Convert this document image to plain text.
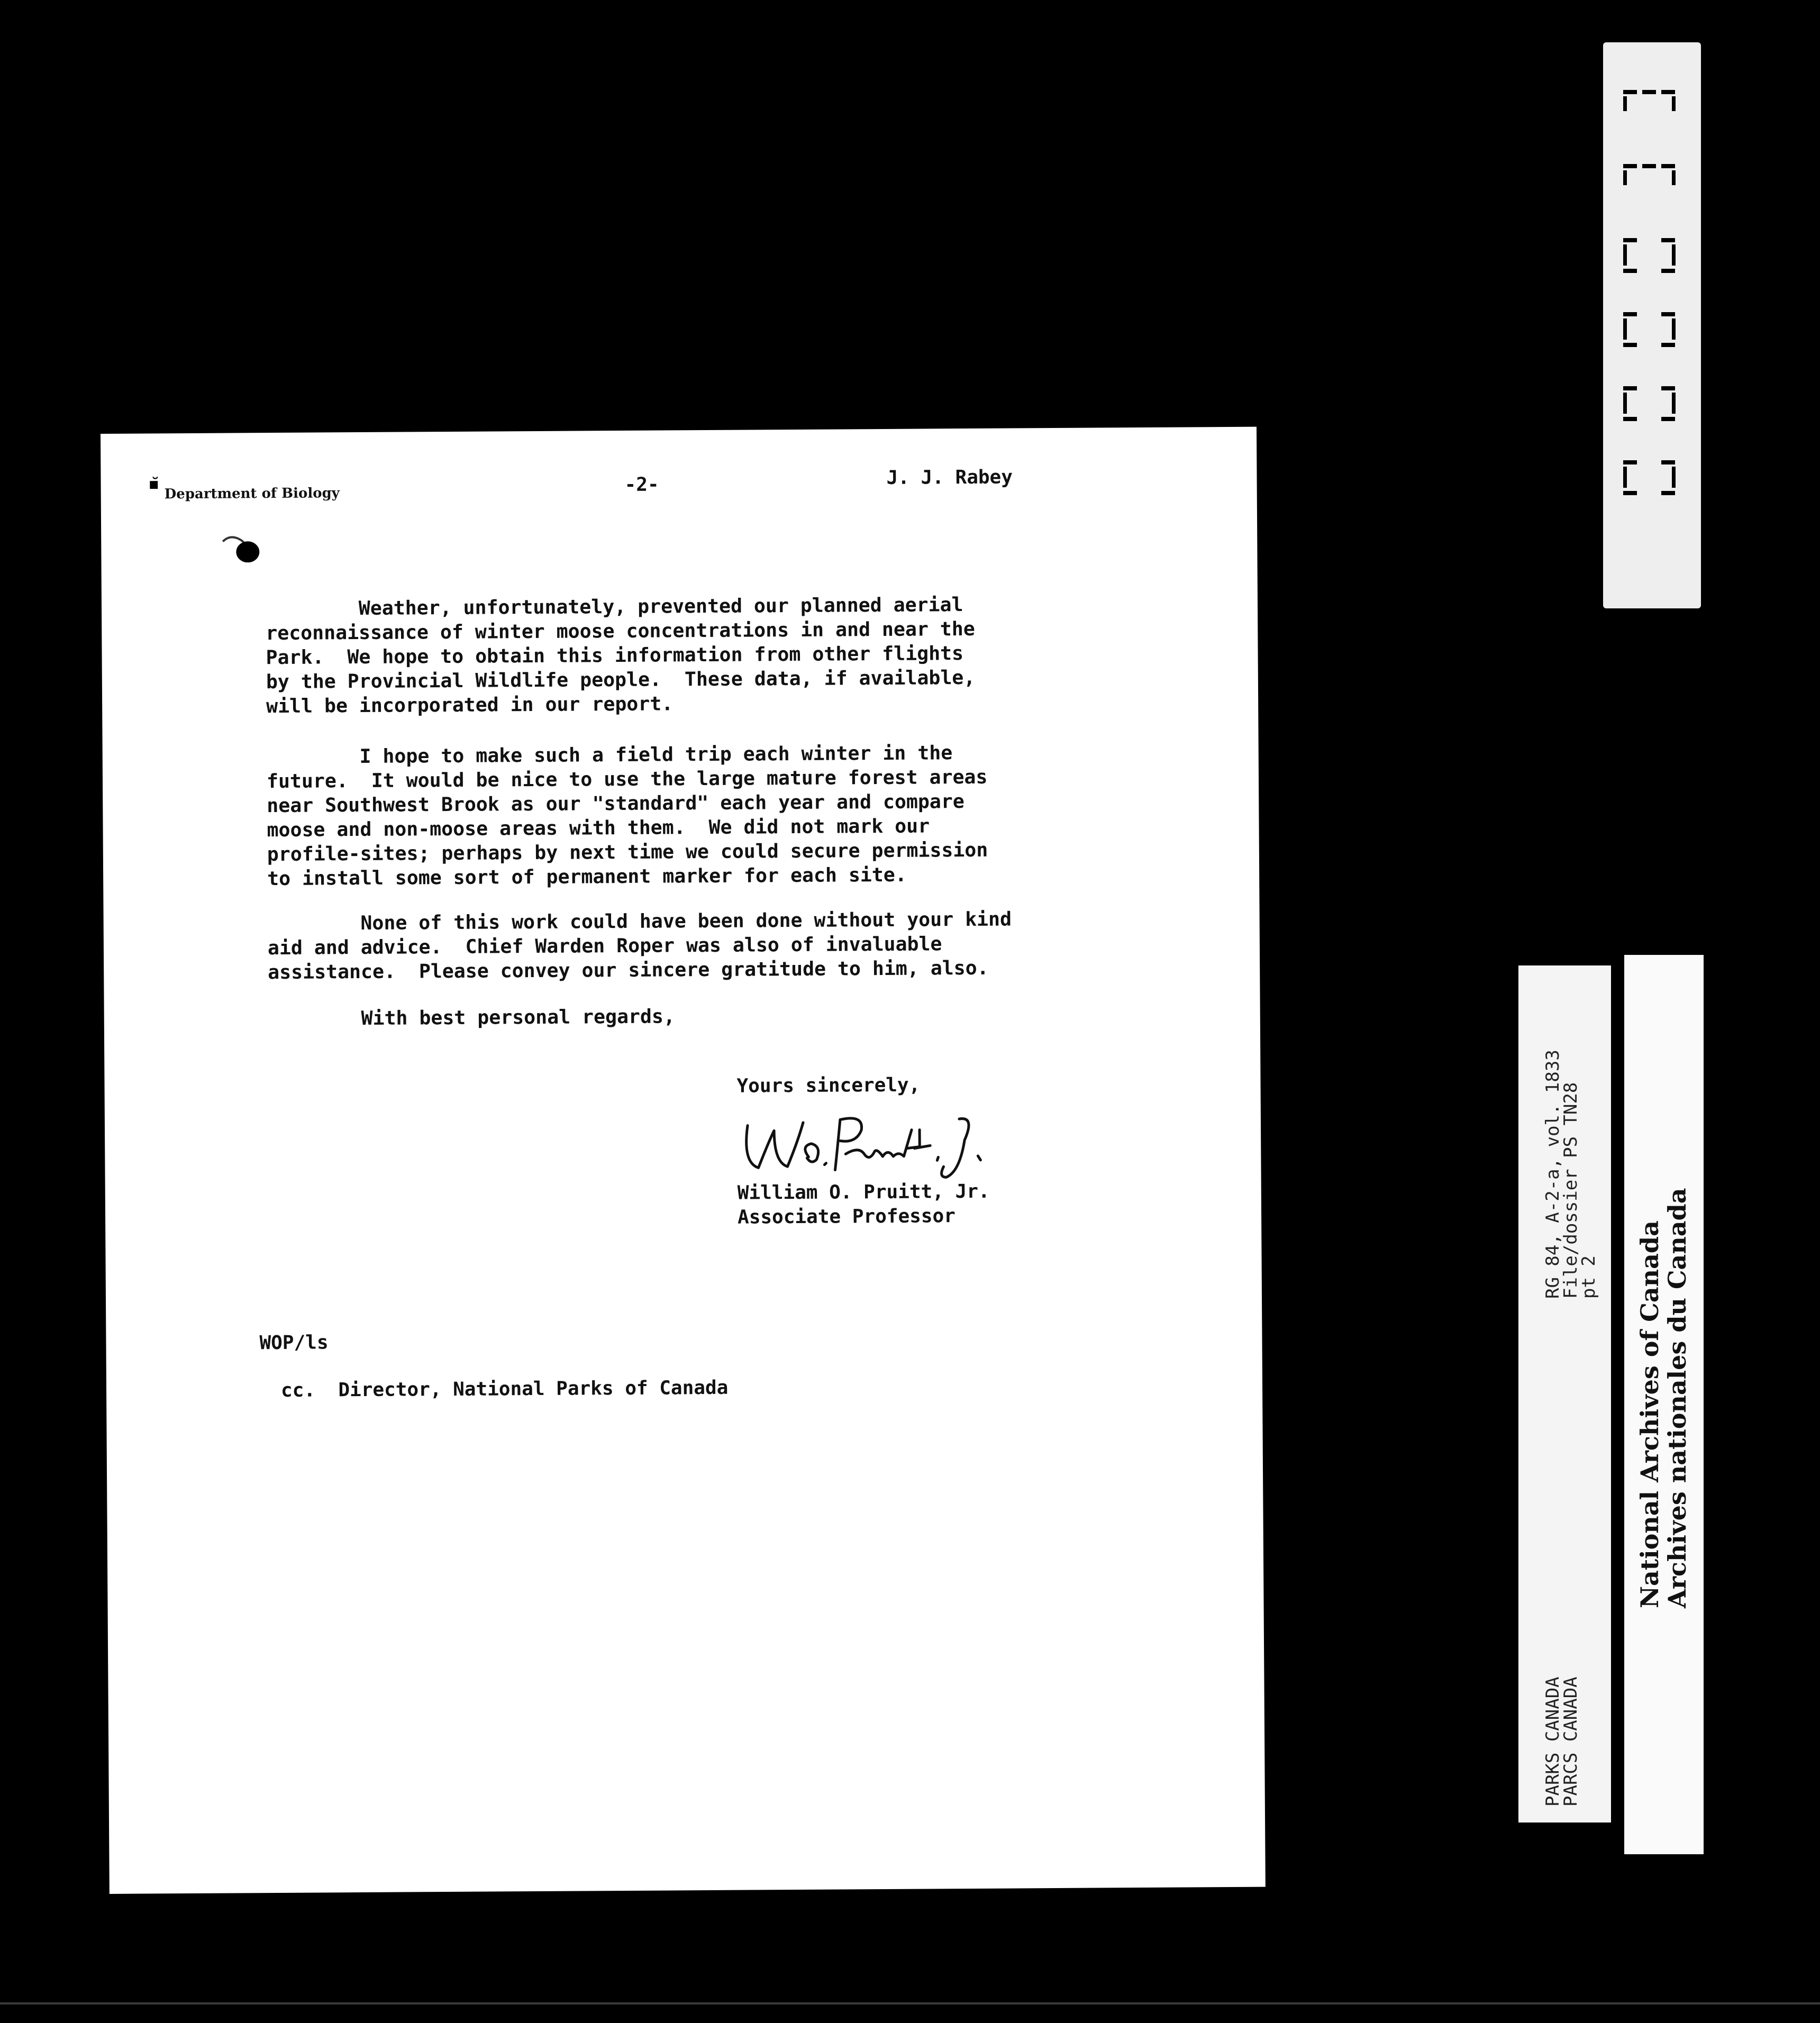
▪̆
Department of Biology	-2-	J. J. Rabey
Weather, unfortunately, prevented our planned aerial
reconnaissance of winter moose concentrations in and near the
Park.  We hope to obtain this information from other flights
by the Provincial Wildlife people.  These data, if available,
will be incorporated in our report.
I hope to make such a field trip each winter in the
future.  It would be nice to use the large mature forest areas
near Southwest Brook as our "standard" each year and compare
moose and non-moose areas with them.  We did not mark our
profile-sites; perhaps by next time we could secure permission
to install some sort of permanent marker for each site.
None of this work could have been done without your kind
aid and advice.  Chief Warden Roper was also of invaluable
assistance.  Please convey our sincere gratitude to him, also.
With best personal regards,
Yours sincerely,
William O. Pruitt, Jr.
Associate Professor
WOP/ls
cc.  Director, National Parks of Canada
RG 84, A-2-a, vol. 1833
File/dossier PS TN28
pt 2
PARKS CANADA
PARCS CANADA
National Archives of Canada
Archives nationales du Canada
